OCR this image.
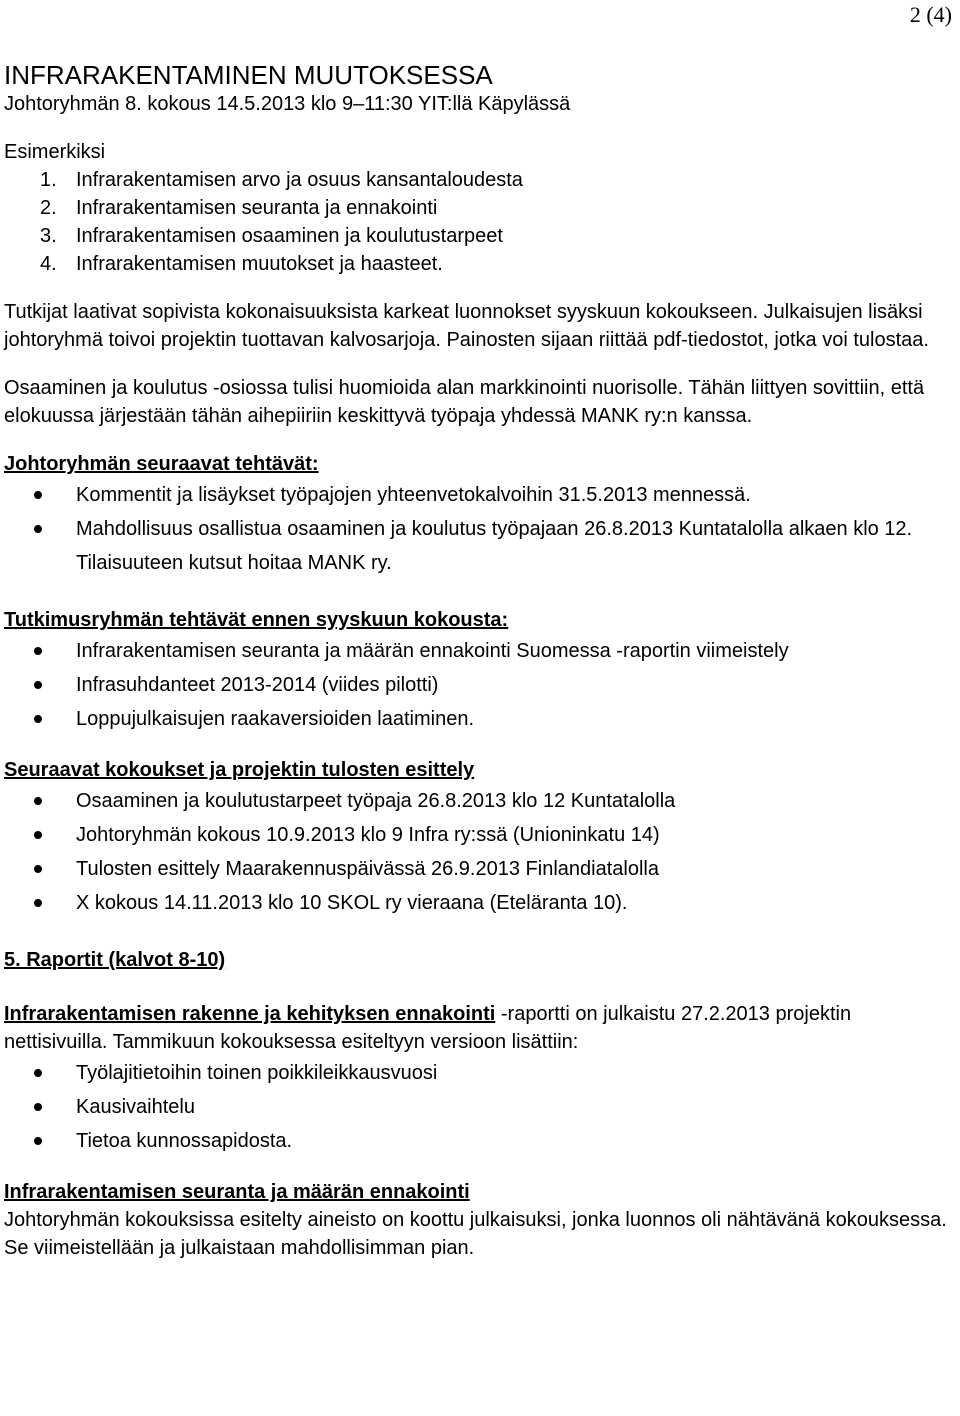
2 (4)
INFRARAKENTAMINEN MUUTOKSESSA

Johtoryhmän 8. kokous 14.5.2013 klo 9–11:30 YIT:llä Käpylässä

Esimerkiksi

1. Infrarakentamisen arvo ja osuus kansantaloudesta
2. Infrarakentamisen seuranta ja ennakointi
3. Infrarakentamisen osaaminen ja koulutustarpeet
4. Infrarakentamisen muutokset ja haasteet.

Tutkijat laativat sopivista kokonaisuuksista karkeat luonnokset syyskuun kokoukseen. Julkaisujen lisäksi johtoryhmä toivoi projektin tuottavan kalvosarjoja. Painosten sijaan riittää pdf-tiedostot, jotka voi tulostaa.

Osaaminen ja koulutus -osiossa tulisi huomioida alan markkinointi nuorisolle. Tähän liittyen sovittiin, että elokuussa järjestään tähän aihepiiriin keskittyvä työpaja yhdessä MANK ry:n kanssa.

Johtoryhmän seuraavat tehtävät:

Kommentit ja lisäykset työpajojen yhteenvetokalvoihin 31.5.2013 mennessä.
Mahdollisuus osallistua osaaminen ja koulutus työpajaan 26.8.2013 Kuntatalolla alkaen klo 12. Tilaisuuteen kutsut hoitaa MANK ry.

Tutkimusryhmän tehtävät ennen syyskuun kokousta:

Infrarakentamisen seuranta ja määrän ennakointi Suomessa -raportin viimeistely
Infrasuhdanteet 2013-2014 (viides pilotti)
Loppujulkaisujen raakaversioiden laatiminen.

Seuraavat kokoukset ja projektin tulosten esittely

Osaaminen ja koulutustarpeet työpaja 26.8.2013 klo 12 Kuntatalolla
Johtoryhmän kokous 10.9.2013 klo 9 Infra ry:ssä (Unioninkatu 14)
Tulosten esittely Maarakennuspäivässä 26.9.2013 Finlandiatalolla
X kokous 14.11.2013 klo 10 SKOL ry vieraana (Eteläranta 10).

5. Raportit (kalvot 8-10)

Infrarakentamisen rakenne ja kehityksen ennakointi -raportti on julkaistu 27.2.2013 projektin nettisivuilla. Tammikuun kokouksessa esiteltyyn versioon lisättiin:

Työlajitietoihin toinen poikkileikkausvuosi
Kausivaihtelu
Tietoa kunnossapidosta.

Infrarakentamisen seuranta ja määrän ennakointi

Johtoryhmän kokouksissa esitelty aineisto on koottu julkaisuksi, jonka luonnos oli nähtävänä kokouksessa. Se viimeistellään ja julkaistaan mahdollisimman pian.
